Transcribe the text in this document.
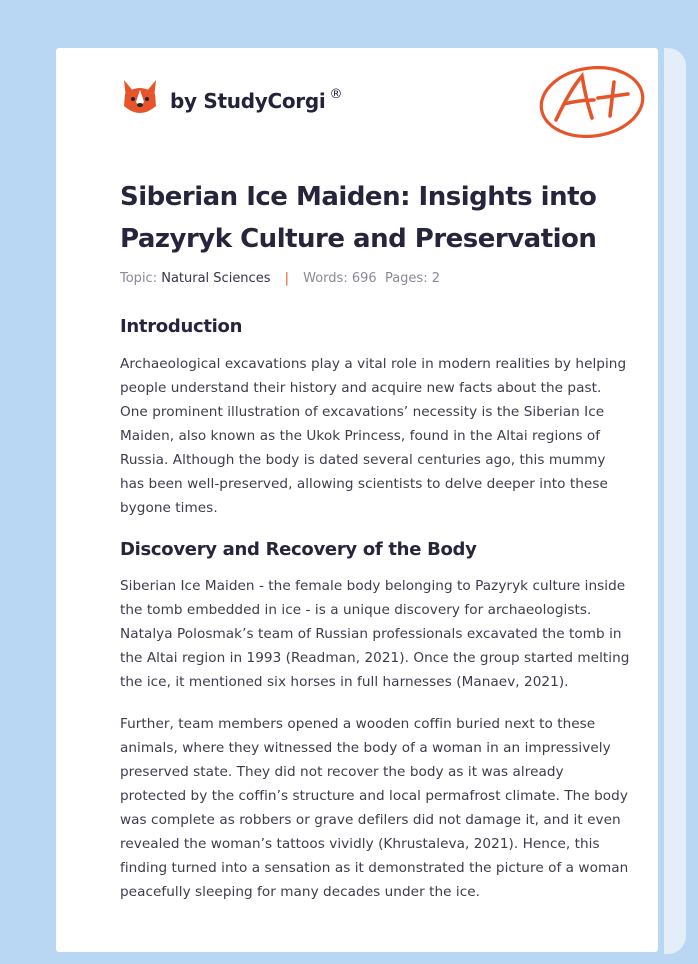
by StudyCorgi ®
Siberian Ice Maiden: Insights into Pazyryk Culture and Preservation
Topic: Natural Sciences | Words: 696 Pages: 2
Introduction

Archaeological excavations play a vital role in modern realities by helping people understand their history and acquire new facts about the past. One prominent illustration of excavations’ necessity is the Siberian Ice Maiden, also known as the Ukok Princess, found in the Altai regions of Russia. Although the body is dated several centuries ago, this mummy has been well-preserved, allowing scientists to delve deeper into these bygone times.

Discovery and Recovery of the Body

Siberian Ice Maiden - the female body belonging to Pazyryk culture inside the tomb embedded in ice - is a unique discovery for archaeologists. Natalya Polosmak’s team of Russian professionals excavated the tomb in the Altai region in 1993 (Readman, 2021). Once the group started melting the ice, it mentioned six horses in full harnesses (Manaev, 2021).

Further, team members opened a wooden coffin buried next to these animals, where they witnessed the body of a woman in an impressively preserved state. They did not recover the body as it was already protected by the coffin’s structure and local permafrost climate. The body was complete as robbers or grave defilers did not damage it, and it even revealed the woman’s tattoos vividly (Khrustaleva, 2021). Hence, this finding turned into a sensation as it demonstrated the picture of a woman peacefully sleeping for many decades under the ice.
